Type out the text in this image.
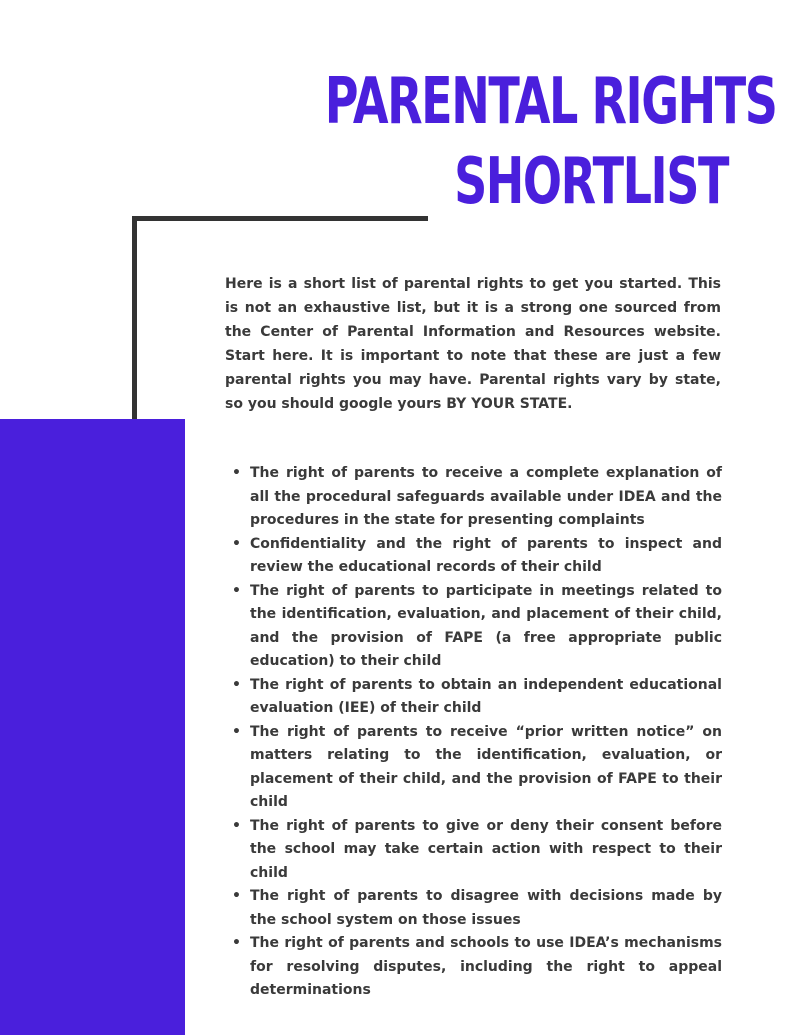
PARENTAL RIGHTS
SHORTLIST

Here is a short list of parental rights to get you started. This is not an exhaustive list, but it is a strong one sourced from the Center of Parental Information and Resources website. Start here. It is important to note that these are just a few parental rights you may have. Parental rights vary by state, so you should google yours BY YOUR STATE.

• The right of parents to receive a complete explanation of all the procedural safeguards available under IDEA and the procedures in the state for presenting complaints
• Confidentiality and the right of parents to inspect and review the educational records of their child
• The right of parents to participate in meetings related to the identification, evaluation, and placement of their child, and the provision of FAPE (a free appropriate public education) to their child
• The right of parents to obtain an independent educational evaluation (IEE) of their child
• The right of parents to receive “prior written notice” on matters relating to the identification, evaluation, or placement of their child, and the provision of FAPE to their child
• The right of parents to give or deny their consent before the school may take certain action with respect to their child
• The right of parents to disagree with decisions made by the school system on those issues
• The right of parents and schools to use IDEA’s mechanisms for resolving disputes, including the right to appeal determinations
